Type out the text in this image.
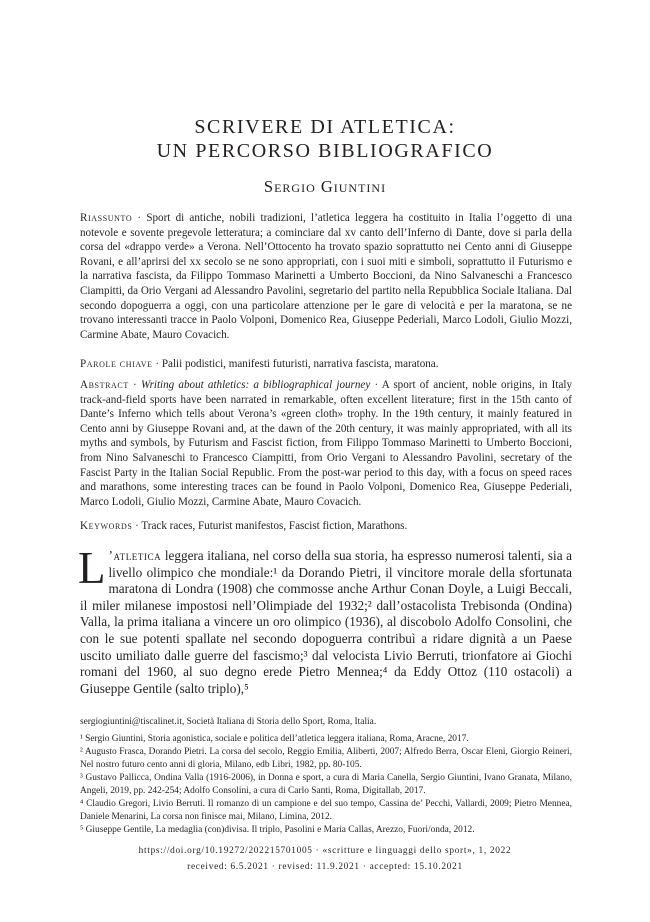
SCRIVERE DI ATLETICA:
UN PERCORSO BIBLIOGRAFICO
Sergio Giuntini
Riassunto · Sport di antiche, nobili tradizioni, l’atletica leggera ha costituito in Italia l’oggetto di una notevole e sovente pregevole letteratura; a cominciare dal xv canto dell’Inferno di Dante, dove si parla della corsa del «drappo verde» a Verona. Nell’Ottocento ha trovato spazio soprattutto nei Cento anni di Giuseppe Rovani, e all’aprirsi del xx secolo se ne sono appropriati, con i suoi miti e simboli, soprattutto il Futurismo e la narrativa fascista, da Filippo Tommaso Marinetti a Umberto Boccioni, da Nino Salvaneschi a Francesco Ciampitti, da Orio Vergani ad Alessandro Pavolini, segretario del partito nella Repubblica Sociale Italiana. Dal secondo dopoguerra a oggi, con una particolare attenzione per le gare di velocità e per la maratona, se ne trovano interessanti tracce in Paolo Volponi, Domenico Rea, Giuseppe Pederiali, Marco Lodoli, Giulio Mozzi, Carmine Abate, Mauro Covacich.
Parole chiave · Palii podistici, manifesti futuristi, narrativa fascista, maratona.
Abstract · Writing about athletics: a bibliographical journey · A sport of ancient, noble origins, in Italy track-and-field sports have been narrated in remarkable, often excellent literature; first in the 15th canto of Dante’s Inferno which tells about Verona’s «green cloth» trophy. In the 19th century, it mainly featured in Cento anni by Giuseppe Rovani and, at the dawn of the 20th century, it was mainly appropriated, with all its myths and symbols, by Futurism and Fascist fiction, from Filippo Tommaso Marinetti to Umberto Boccioni, from Nino Salvaneschi to Francesco Ciampitti, from Orio Vergani to Alessandro Pavolini, secretary of the Fascist Party in the Italian Social Republic. From the post-war period to this day, with a focus on speed races and marathons, some interesting traces can be found in Paolo Volponi, Domenico Rea, Giuseppe Pederiali, Marco Lodoli, Giulio Mozzi, Carmine Abate, Mauro Covacich.
Keywords · Track races, Futurist manifestos, Fascist fiction, Marathons.
L ’atletica leggera italiana, nel corso della sua storia, ha espresso numerosi talenti, sia a livello olimpico che mondiale:¹ da Dorando Pietri, il vincitore morale della sfortunata maratona di Londra (1908) che commosse anche Arthur Conan Doyle, a Luigi Beccali, il miler milanese impostosi nell’Olimpiade del 1932;² dall’ostacolista Trebisonda (Ondina) Valla, la prima italiana a vincere un oro olimpico (1936), al discobolo Adolfo Consolini, che con le sue potenti spallate nel secondo dopoguerra contribuì a ridare dignità a un Paese uscito umiliato dalle guerre del fascismo;³ dal velocista Livio Berruti, trionfatore ai Giochi romani del 1960, al suo degno erede Pietro Mennea;⁴ da Eddy Ottoz (110 ostacoli) a Giuseppe Gentile (salto triplo),⁵
sergiogiuntini@tiscalinet.it, Società Italiana di Storia dello Sport, Roma, Italia.
¹ Sergio Giuntini, Storia agonistica, sociale e politica dell’atletica leggera italiana, Roma, Aracne, 2017.
² Augusto Frasca, Dorando Pietri. La corsa del secolo, Reggio Emilia, Aliberti, 2007; Alfredo Berra, Oscar Eleni, Giorgio Reineri, Nel nostro futuro cento anni di gloria, Milano, edb Libri, 1982, pp. 80-105.
³ Gustavo Pallicca, Ondina Valla (1916-2006), in Donna e sport, a cura di Maria Canella, Sergio Giuntini, Ivano Granata, Milano, Angeli, 2019, pp. 242-254; Adolfo Consolini, a cura di Carlo Santi, Roma, Digitallab, 2017.
⁴ Claudio Gregori, Livio Berruti. Il romanzo di un campione e del suo tempo, Cassina de’ Pecchi, Vallardi, 2009; Pietro Mennea, Daniele Menarini, La corsa non finisce mai, Milano, Limina, 2012.
⁵ Giuseppe Gentile, La medaglia (con)divisa. Il triplo, Pasolini e Maria Callas, Arezzo, Fuori/onda, 2012.
https://doi.org/10.19272/202215701005 · «scritture e linguaggi dello sport», 1, 2022
received: 6.5.2021 · revised: 11.9.2021 · accepted: 15.10.2021
